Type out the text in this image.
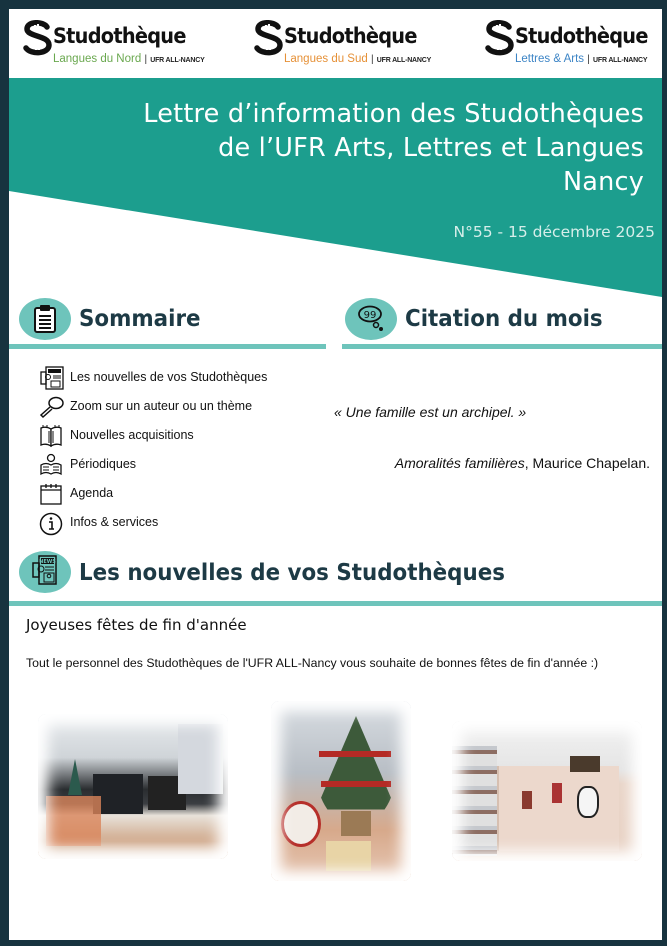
Studothèque
Langues du Nord | UFR ALL-NANCY
Studothèque
Langues du Sud | UFR ALL-NANCY
Studothèque
Lettres & Arts | UFR ALL-NANCY
Lettre d’information des Studothèques
de l’UFR Arts, Lettres et Langues
Nancy
N°55 - 15 décembre 2025
Sommaire	99 Citation du mois
Les nouvelles de vos Studothèques
Zoom sur un auteur ou un thème
Nouvelles acquisitions
Périodiques
Agenda
Infos & services
« Une famille est un archipel. »
Amoralités familières, Maurice Chapelan.
NEWS Les nouvelles de vos Studothèques
Joyeuses fêtes de fin d'année
Tout le personnel des Studothèques de l'UFR ALL-Nancy vous souhaite de bonnes fêtes de fin d'année :)
